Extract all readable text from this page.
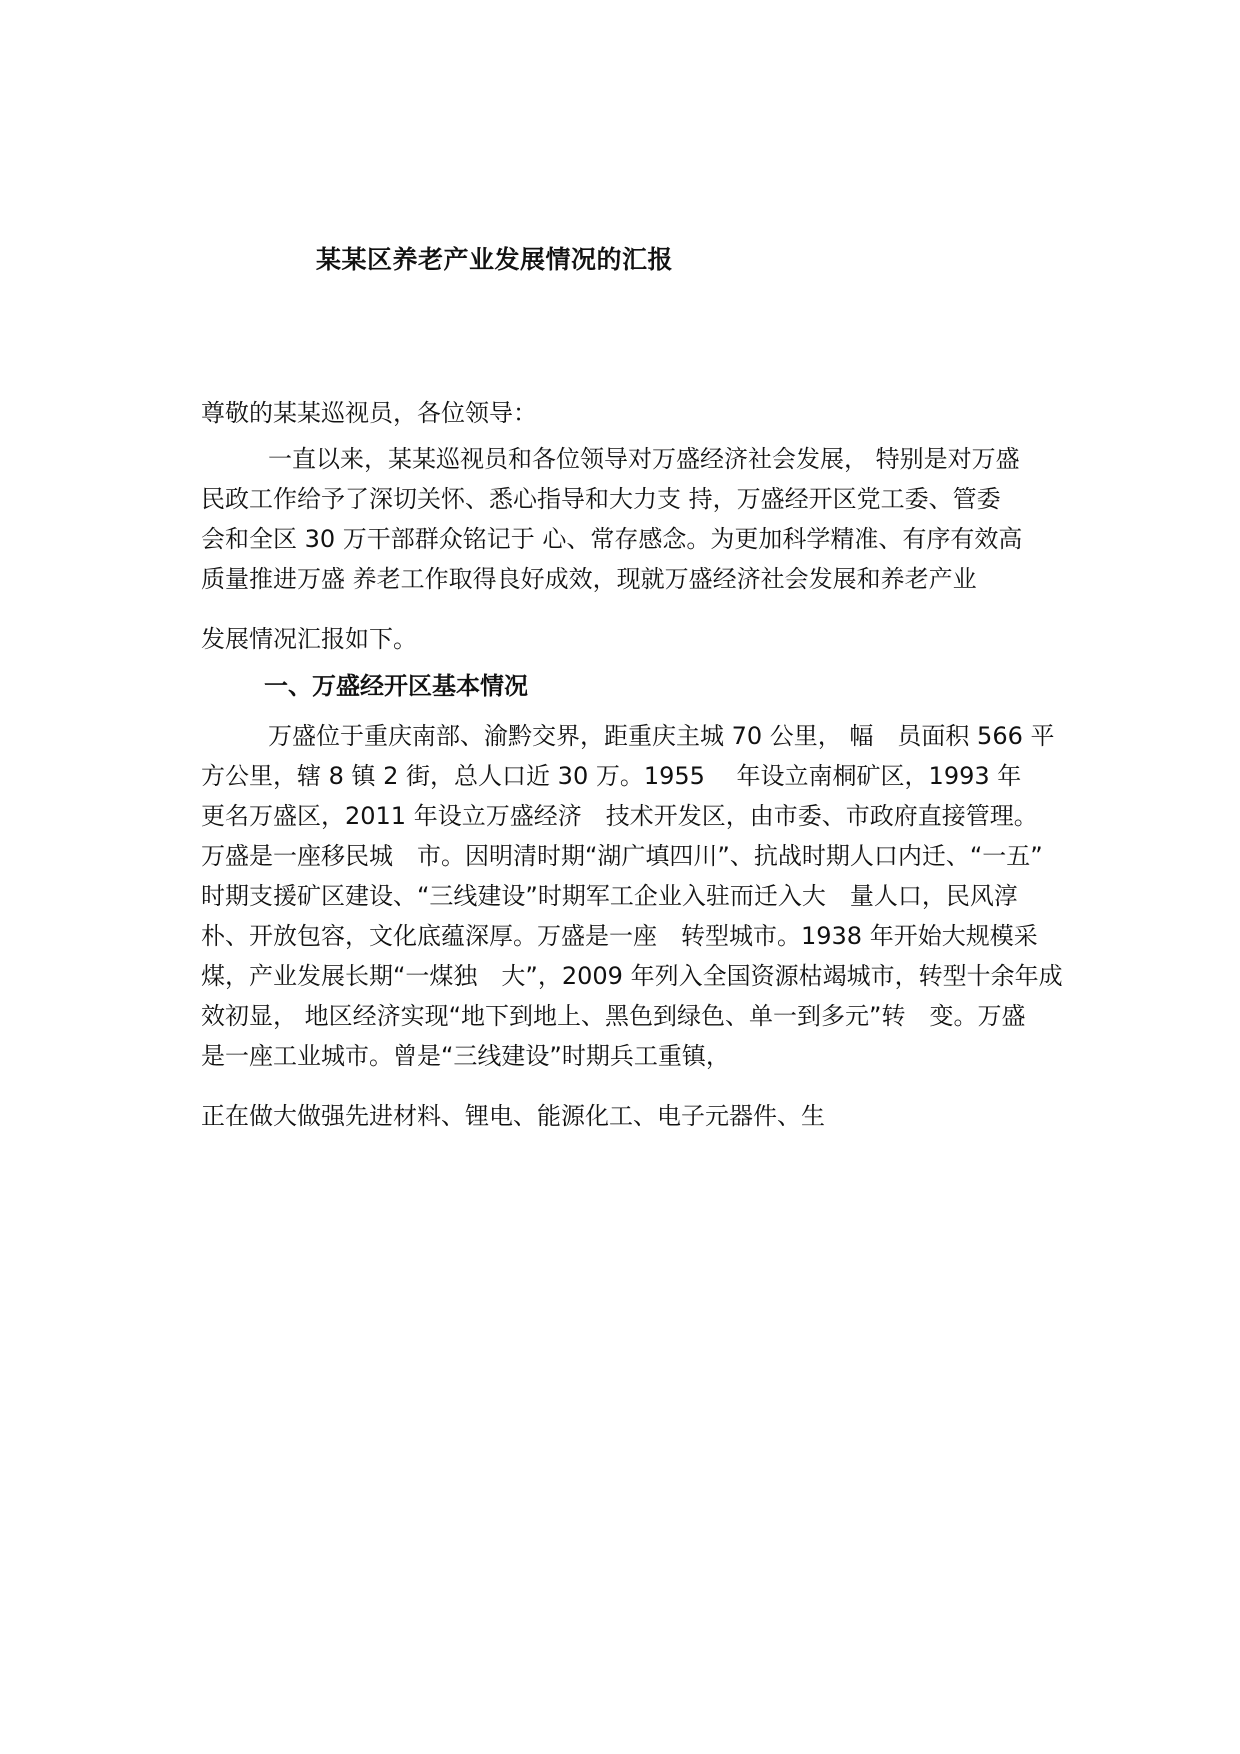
某某区养老产业发展情况的汇报
尊敬的某某巡视员，各位领导：
一直以来，某某巡视员和各位领导对万盛经济社会发展， 特别是对万盛
民政工作给予了深切关怀、悉心指导和大力支 持，万盛经开区党工委、管委
会和全区 30 万干部群众铭记于 心、常存感念。为更加科学精准、有序有效高
质量推进万盛 养老工作取得良好成效，现就万盛经济社会发展和养老产业
发展情况汇报如下。
一、万盛经开区基本情况
万盛位于重庆南部、渝黔交界，距重庆主城 70 公里， 幅　员面积 566 平
方公里，辖 8 镇 2 街，总人口近 30 万。1955　 年设立南桐矿区，1993 年
更名万盛区，2011 年设立万盛经济　技术开发区，由市委、市政府直接管理。
万盛是一座移民城　市。因明清时期“湖广填四川”、抗战时期人口内迁、“一五”
时期支援矿区建设、“三线建设”时期军工企业入驻而迁入大　量人口，民风淳
朴、开放包容，文化底蕴深厚。万盛是一座　转型城市。1938 年开始大规模采
煤，产业发展长期“一煤独　大”，2009 年列入全国资源枯竭城市，转型十余年成
效初显， 地区经济实现“地下到地上、黑色到绿色、单一到多元”转　变。万盛
是一座工业城市。曾是“三线建设”时期兵工重镇，
正在做大做强先进材料、锂电、能源化工、电子元器件、生
